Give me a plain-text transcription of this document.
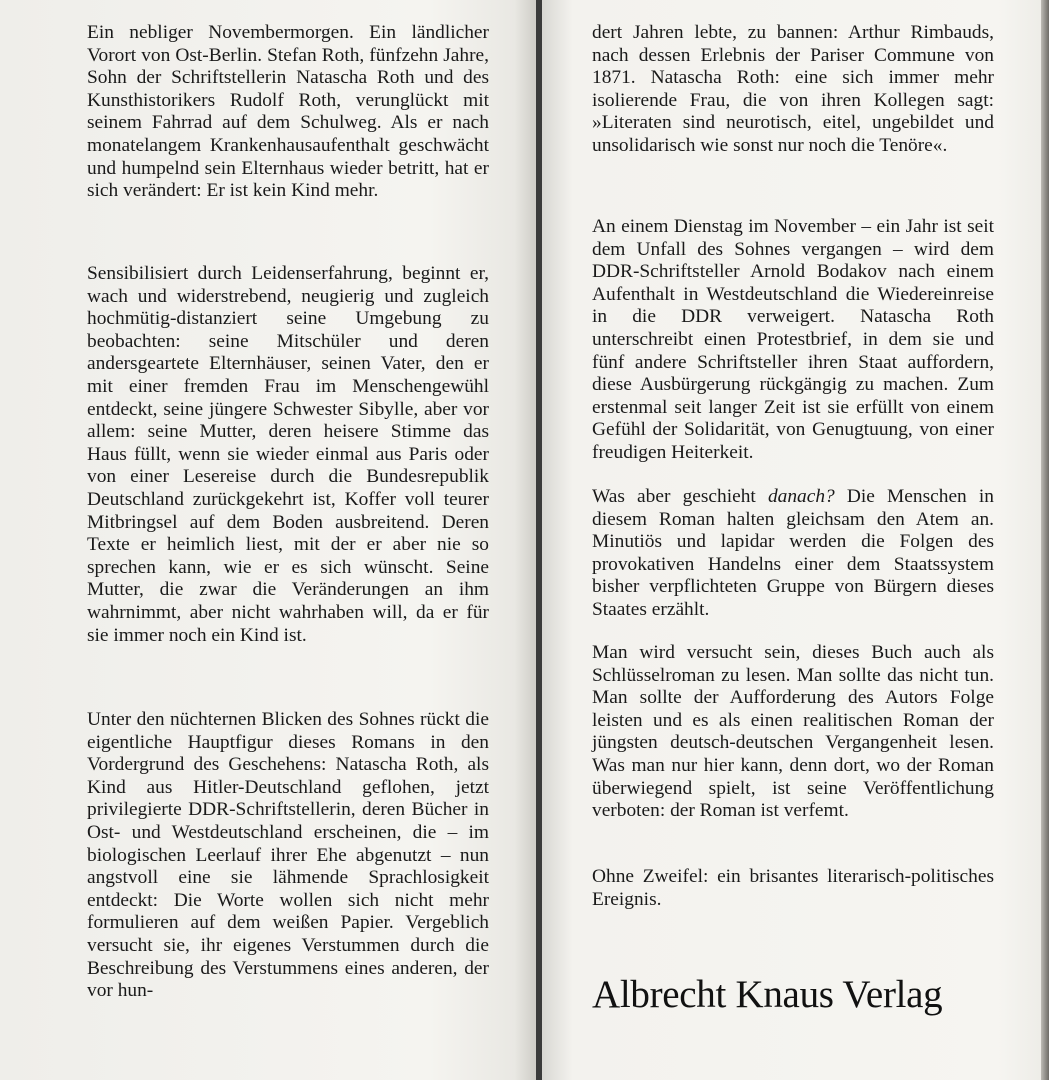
Ein nebliger Novembermorgen. Ein ländlicher Vorort von Ost-Berlin. Stefan Roth, fünfzehn Jahre, Sohn der Schriftstellerin Natascha Roth und des Kunsthistorikers Rudolf Roth, verunglückt mit seinem Fahrrad auf dem Schulweg. Als er nach monatelangem Krankenhausaufenthalt geschwächt und humpelnd sein Elternhaus wieder betritt, hat er sich verändert: Er ist kein Kind mehr.

Sensibilisiert durch Leidenserfahrung, beginnt er, wach und widerstrebend, neugierig und zugleich hochmütig-distanziert seine Umgebung zu beobachten: seine Mitschüler und deren andersgeartete Elternhäuser, seinen Vater, den er mit einer fremden Frau im Menschengewühl entdeckt, seine jüngere Schwester Sibylle, aber vor allem: seine Mutter, deren heisere Stimme das Haus füllt, wenn sie wieder einmal aus Paris oder von einer Lesereise durch die Bundesrepublik Deutschland zurückgekehrt ist, Koffer voll teurer Mitbringsel auf dem Boden ausbreitend. Deren Texte er heimlich liest, mit der er aber nie so sprechen kann, wie er es sich wünscht. Seine Mutter, die zwar die Veränderungen an ihm wahrnimmt, aber nicht wahrhaben will, da er für sie immer noch ein Kind ist.

Unter den nüchternen Blicken des Sohnes rückt die eigentliche Hauptfigur dieses Romans in den Vordergrund des Geschehens: Natascha Roth, als Kind aus Hitler-Deutschland geflohen, jetzt privilegierte DDR-Schriftstellerin, deren Bücher in Ost- und Westdeutschland erscheinen, die – im biologischen Leerlauf ihrer Ehe abgenutzt – nun angstvoll eine sie lähmende Sprachlosigkeit entdeckt: Die Worte wollen sich nicht mehr formulieren auf dem weißen Papier. Vergeblich versucht sie, ihr eigenes Verstummen durch die Beschreibung des Verstummens eines anderen, der vor hun-

dert Jahren lebte, zu bannen: Arthur Rimbauds, nach dessen Erlebnis der Pariser Commune von 1871. Natascha Roth: eine sich immer mehr isolierende Frau, die von ihren Kollegen sagt: »Literaten sind neurotisch, eitel, ungebildet und unsolidarisch wie sonst nur noch die Tenöre«.

An einem Dienstag im November – ein Jahr ist seit dem Unfall des Sohnes vergangen – wird dem DDR-Schriftsteller Arnold Bodakov nach einem Aufenthalt in Westdeutschland die Wiedereinreise in die DDR verweigert. Natascha Roth unterschreibt einen Protestbrief, in dem sie und fünf andere Schriftsteller ihren Staat auffordern, diese Ausbürgerung rückgängig zu machen. Zum erstenmal seit langer Zeit ist sie erfüllt von einem Gefühl der Solidarität, von Genugtuung, von einer freudigen Heiterkeit.

Was aber geschieht danach? Die Menschen in diesem Roman halten gleichsam den Atem an. Minutiös und lapidar werden die Folgen des provokativen Handelns einer dem Staatssystem bisher verpflichteten Gruppe von Bürgern dieses Staates erzählt.

Man wird versucht sein, dieses Buch auch als Schlüsselroman zu lesen. Man sollte das nicht tun. Man sollte der Aufforderung des Autors Folge leisten und es als einen realitischen Roman der jüngsten deutsch-deutschen Vergangenheit lesen. Was man nur hier kann, denn dort, wo der Roman überwiegend spielt, ist seine Veröffentlichung verboten: der Roman ist verfemt.

Ohne Zweifel: ein brisantes literarisch-politisches Ereignis.

Albrecht Knaus Verlag
